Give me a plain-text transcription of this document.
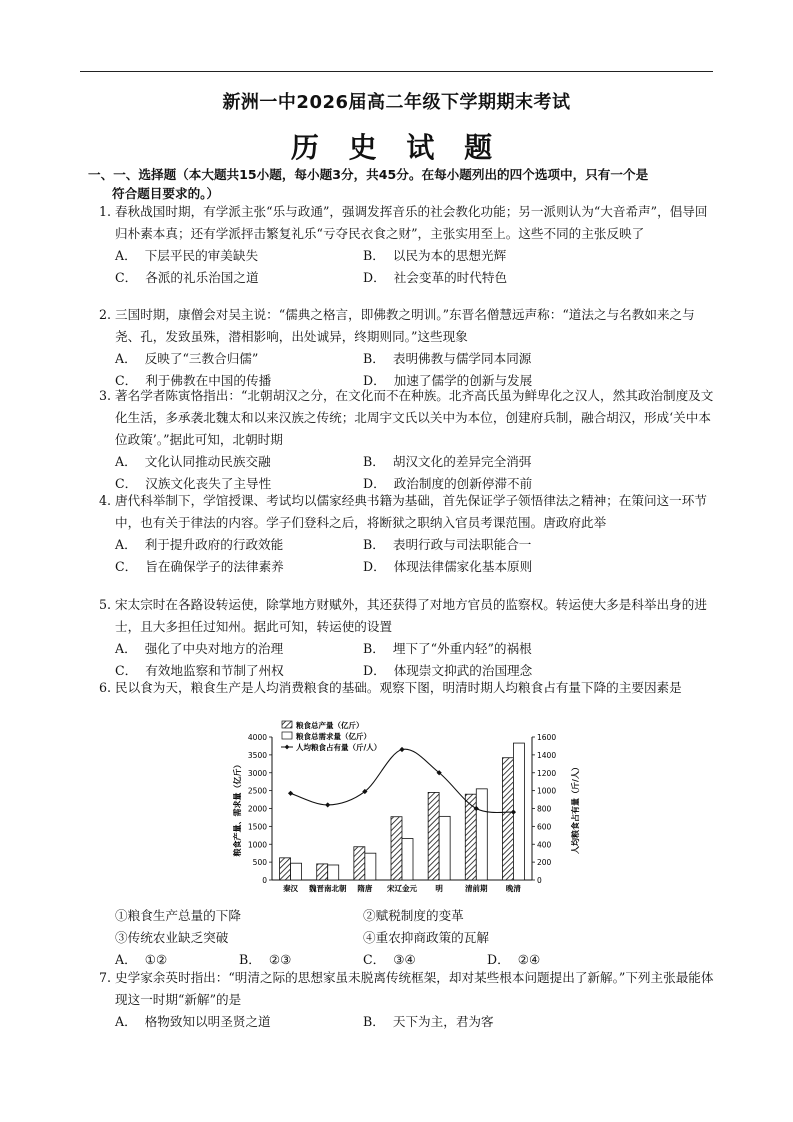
新洲一中2026届高二年级下学期期末考试
历 史 试 题
一、一、选择题（本大题共15小题，每小题3分，共45分。在每小题列出的四个选项中，只有一个是
符合题目要求的。）
1. 春秋战国时期，有学派主张“乐与政通”，强调发挥音乐的社会教化功能；另一派则认为“大音希声”，倡导回归朴素本真；还有学派抨击繁复礼乐“亏夺民衣食之财”，主张实用至上。这些不同的主张反映了
A． 下层平民的审美缺失	B． 以民为本的思想光辉
C． 各派的礼乐治国之道	D． 社会变革的时代特色
2. 三国时期，康僧会对吴主说：“儒典之格言，即佛教之明训。”东晋名僧慧远声称：“道法之与名教如来之与尧、孔，发致虽殊，潜相影响，出处诚异，终期则同。”这些现象
A． 反映了“三教合归儒”	B． 表明佛教与儒学同本同源
C． 利于佛教在中国的传播	D． 加速了儒学的创新与发展
3. 著名学者陈寅恪指出：“北朝胡汉之分，在文化而不在种族。北齐高氏虽为鲜卑化之汉人，然其政治制度及文化生活，多承袭北魏太和以来汉族之传统；北周宇文氏以关中为本位，创建府兵制，融合胡汉，形成‘关中本位政策’。”据此可知，北朝时期
A． 文化认同推动民族交融	B． 胡汉文化的差异完全消弭
C． 汉族文化丧失了主导性	D． 政治制度的创新停滞不前
4. 唐代科举制下，学馆授课、考试均以儒家经典书籍为基础，首先保证学子领悟律法之精神；在策问这一环节中，也有关于律法的内容。学子们登科之后，将断狱之职纳入官员考课范围。唐政府此举
A． 利于提升政府的行政效能	B． 表明行政与司法职能合一
C． 旨在确保学子的法律素养	D． 体现法律儒家化基本原则
5. 宋太宗时在各路设转运使，除掌地方财赋外，其还获得了对地方官员的监察权。转运使大多是科举出身的进士，且大多担任过知州。据此可知，转运使的设置
A． 强化了中央对地方的治理	B． 埋下了“外重内轻”的祸根
C． 有效地监察和节制了州权	D． 体现崇文抑武的治国理念
6. 民以食为天，粮食生产是人均消费粮食的基础。观察下图，明清时期人均粮食占有量下降的主要因素是
0
500
1000
1500
2000
2500
3000
3500
4000
0
200
400
600
800
1000
1200
1400
1600
粮食产量、需求量（亿斤）	人均粮食占有量（斤/人）
秦汉 魏晋南北朝 隋唐 宋辽金元 明	清前期 晚清
粮食总产量（亿斤）
粮食总需求量（亿斤）
人均粮食占有量（斤/人）
①粮食生产总量的下降	②赋税制度的变革
③传统农业缺乏突破	④重农抑商政策的瓦解
A． ①②	B． ②③	C． ③④	D． ②④
7. 史学家余英时指出：“明清之际的思想家虽未脱离传统框架，却对某些根本问题提出了新解。”下列主张最能体现这一时期“新解”的是
A． 格物致知以明圣贤之道	B． 天下为主，君为客
